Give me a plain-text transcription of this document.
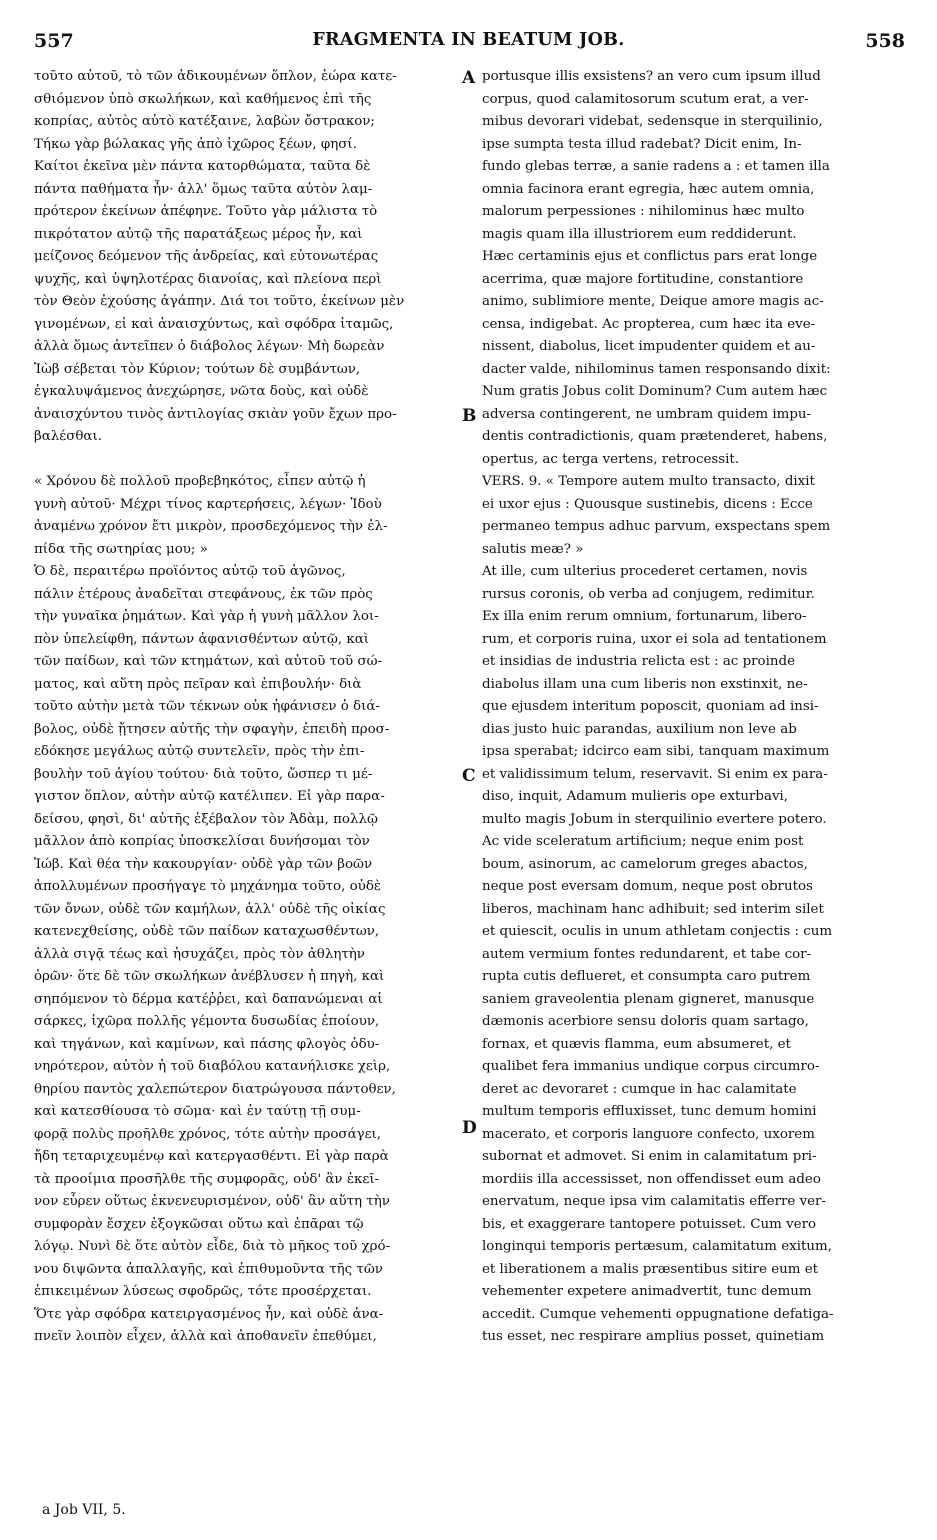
557	FRAGMENTA IN BEATUM JOB.	558
τοῦτο αὐτοῦ, τὸ τῶν ἀδικουμένων ὅπλον, ἑώρα κατε-
σθιόμενον ὑπὸ σκωλήκων, καὶ καθήμενος ἐπὶ τῆς
κοπρίας, αὐτὸς αὐτὸ κατέξαινε, λαβὼν ὄστρακον;
Τήκω γὰρ βώλακας γῆς ἀπὸ ἰχῶρος ξέων, φησί.
Καίτοι ἐκεῖνα μὲν πάντα κατορθώματα, ταῦτα δὲ
πάντα παθήματα ἦν· ἀλλ' ὅμως ταῦτα αὐτὸν λαμ-
πρότερον ἐκείνων ἀπέφηνε. Τοῦτο γὰρ μάλιστα τὸ
πικρότατον αὐτῷ τῆς παρατάξεως μέρος ἦν, καὶ
μείζονος δεόμενον τῆς ἀνδρείας, καὶ εὐτονωτέρας
ψυχῆς, καὶ ὑψηλοτέρας διανοίας, καὶ πλείονα περὶ
τὸν Θεὸν ἐχούσης ἀγάπην. Διά τοι τοῦτο, ἐκείνων μὲν
γινομένων, εἰ καὶ ἀναισχύντως, καὶ σφόδρα ἰταμῶς,
ἀλλὰ ὅμως ἀντεῖπεν ὁ διάβολος λέγων· Μὴ δωρεὰν
Ἰὼβ σέβεται τὸν Κύριον; τούτων δὲ συμβάντων,
ἐγκαλυψάμενος ἀνεχώρησε, νῶτα δοὺς, καὶ οὐδὲ
ἀναισχύντου τινὸς ἀντιλογίας σκιὰν γοῦν ἔχων προ-
βαλέσθαι.
« Χρόνου δὲ πολλοῦ προβεβηκότος, εἶπεν αὐτῷ ἡ
γυνὴ αὐτοῦ· Μέχρι τίνος καρτερήσεις, λέγων· Ἰδοὺ
ἀναμένω χρόνον ἔτι μικρὸν, προσδεχόμενος τὴν ἐλ-
πίδα τῆς σωτηρίας μου; »
Ὁ δὲ, περαιτέρω προϊόντος αὐτῷ τοῦ ἀγῶνος,
πάλιν ἑτέρους ἀναδεῖται στεφάνους, ἐκ τῶν πρὸς
τὴν γυναῖκα ῥημάτων. Καὶ γὰρ ἡ γυνὴ μᾶλλον λοι-
πὸν ὑπελείφθη, πάντων ἀφανισθέντων αὐτῷ, καὶ
τῶν παίδων, καὶ τῶν κτημάτων, καὶ αὐτοῦ τοῦ σώ-
ματος, καὶ αὕτη πρὸς πεῖραν καὶ ἐπιβουλήν· διὰ
τοῦτο αὐτὴν μετὰ τῶν τέκνων οὐκ ἠφάνισεν ὁ διά-
βολος, οὐδὲ ᾔτησεν αὐτῆς τὴν σφαγὴν, ἐπειδὴ προσ-
εδόκησε μεγάλως αὐτῷ συντελεῖν, πρὸς τὴν ἐπι-
βουλὴν τοῦ ἁγίου τούτου· διὰ τοῦτο, ὥσπερ τι μέ-
γιστον ὅπλον, αὐτὴν αὐτῷ κατέλιπεν. Εἰ γὰρ παρα-
δείσου, φησὶ, δι' αὐτῆς ἐξέβαλον τὸν Ἀδὰμ, πολλῷ
μᾶλλον ἀπὸ κοπρίας ὑποσκελίσαι δυνήσομαι τὸν
Ἰώβ. Καὶ θέα τὴν κακουργίαν· οὐδὲ γὰρ τῶν βοῶν
ἀπολλυμένων προσήγαγε τὸ μηχάνημα τοῦτο, οὐδὲ
τῶν ὄνων, οὐδὲ τῶν καμήλων, ἀλλ' οὐδὲ τῆς οἰκίας
κατενεχθείσης, οὐδὲ τῶν παίδων καταχωσθέντων,
ἀλλὰ σιγᾷ τέως καὶ ἡσυχάζει, πρὸς τὸν ἀθλητὴν
ὁρῶν· ὅτε δὲ τῶν σκωλήκων ἀνέβλυσεν ἡ πηγὴ, καὶ
σηπόμενον τὸ δέρμα κατέῤῥει, καὶ δαπανώμεναι αἱ
σάρκες, ἰχῶρα πολλῆς γέμοντα δυσωδίας ἐποίουν,
καὶ τηγάνων, καὶ καμίνων, καὶ πάσης φλογὸς ὀδυ-
νηρότερον, αὐτὸν ἡ τοῦ διαβόλου κατανήλισκε χεὶρ,
θηρίου παντὸς χαλεπώτερον διατρώγουσα πάντοθεν,
καὶ κατεσθίουσα τὸ σῶμα· καὶ ἐν ταύτῃ τῇ συμ-
φορᾷ πολὺς προῆλθε χρόνος, τότε αὐτὴν προσάγει,
ἤδη τεταριχευμένῳ καὶ κατεργασθέντι. Εἰ γὰρ παρὰ
τὰ προοίμια προσῆλθε τῆς συμφορᾶς, οὐδ' ἂν ἐκεῖ-
νον εὗρεν οὕτως ἐκνενευρισμένον, οὐδ' ἂν αὕτη τὴν
συμφορὰν ἔσχεν ἐξογκῶσαι οὕτω καὶ ἐπᾶραι τῷ
λόγῳ. Νυνὶ δὲ ὅτε αὐτὸν εἶδε, διὰ τὸ μῆκος τοῦ χρό-
νου διψῶντα ἀπαλλαγῆς, καὶ ἐπιθυμοῦντα τῆς τῶν
ἐπικειμένων λύσεως σφοδρῶς, τότε προσέρχεται.
Ὅτε γὰρ σφόδρα κατειργασμένος ἦν, καὶ οὐδὲ ἀνα-
πνεῖν λοιπὸν εἶχεν, ἀλλὰ καὶ ἀποθανεῖν ἐπεθύμει,
portusque illis exsistens? an vero cum ipsum illud
corpus, quod calamitosorum scutum erat, a ver-
mibus devorari videbat, sedensque in sterquilinio,
ipse sumpta testa illud radebat? Dicit enim, In-
fundo glebas terræ, a sanie radens a : et tamen illa
omnia facinora erant egregia, hæc autem omnia,
malorum perpessiones : nihilominus hæc multo
magis quam illa illustriorem eum reddiderunt.
Hæc certaminis ejus et conflictus pars erat longe
acerrima, quæ majore fortitudine, constantiore
animo, sublimiore mente, Deique amore magis ac-
censa, indigebat. Ac propterea, cum hæc ita eve-
nissent, diabolus, licet impudenter quidem et au-
dacter valde, nihilominus tamen responsando dixit:
Num gratis Jobus colit Dominum? Cum autem hæc
adversa contingerent, ne umbram quidem impu-
dentis contradictionis, quam prætenderet, habens,
opertus, ac terga vertens, retrocessit.
VERS. 9. « Tempore autem multo transacto, dixit
ei uxor ejus : Quousque sustinebis, dicens : Ecce
permaneo tempus adhuc parvum, exspectans spem
salutis meæ? »
At ille, cum ulterius procederet certamen, novis
rursus coronis, ob verba ad conjugem, redimitur.
Ex illa enim rerum omnium, fortunarum, libero-
rum, et corporis ruina, uxor ei sola ad tentationem
et insidias de industria relicta est : ac proinde
diabolus illam una cum liberis non exstinxit, ne-
que ejusdem interitum poposcit, quoniam ad insi-
dias justo huic parandas, auxilium non leve ab
ipsa sperabat; idcirco eam sibi, tanquam maximum
et validissimum telum, reservavit. Si enim ex para-
diso, inquit, Adamum mulieris ope exturbavi,
multo magis Jobum in sterquilinio evertere potero.
Ac vide sceleratum artificium; neque enim post
boum, asinorum, ac camelorum greges abactos,
neque post eversam domum, neque post obrutos
liberos, machinam hanc adhibuit; sed interim silet
et quiescit, oculis in unum athletam conjectis : cum
autem vermium fontes redundarent, et tabe cor-
rupta cutis deflueret, et consumpta caro putrem
saniem graveolentia plenam gigneret, manusque
dæmonis acerbiore sensu doloris quam sartago,
fornax, et quævis flamma, eum absumeret, et
qualibet fera immanius undique corpus circumro-
deret ac devoraret : cumque in hac calamitate
multum temporis effluxisset, tunc demum homini
macerato, et corporis languore confecto, uxorem
subornat et admovet. Si enim in calamitatum pri-
mordiis illa accessisset, non offendisset eum adeo
enervatum, neque ipsa vim calamitatis efferre ver-
bis, et exaggerare tantopere potuisset. Cum vero
longinqui temporis pertæsum, calamitatum exitum,
et liberationem a malis præsentibus sitire eum et
vehementer expetere animadvertit, tunc demum
accedit. Cumque vehementi oppugnatione defatiga-
tus esset, nec respirare amplius posset, quinetiam
A
B
C
D
a Job VII, 5.
